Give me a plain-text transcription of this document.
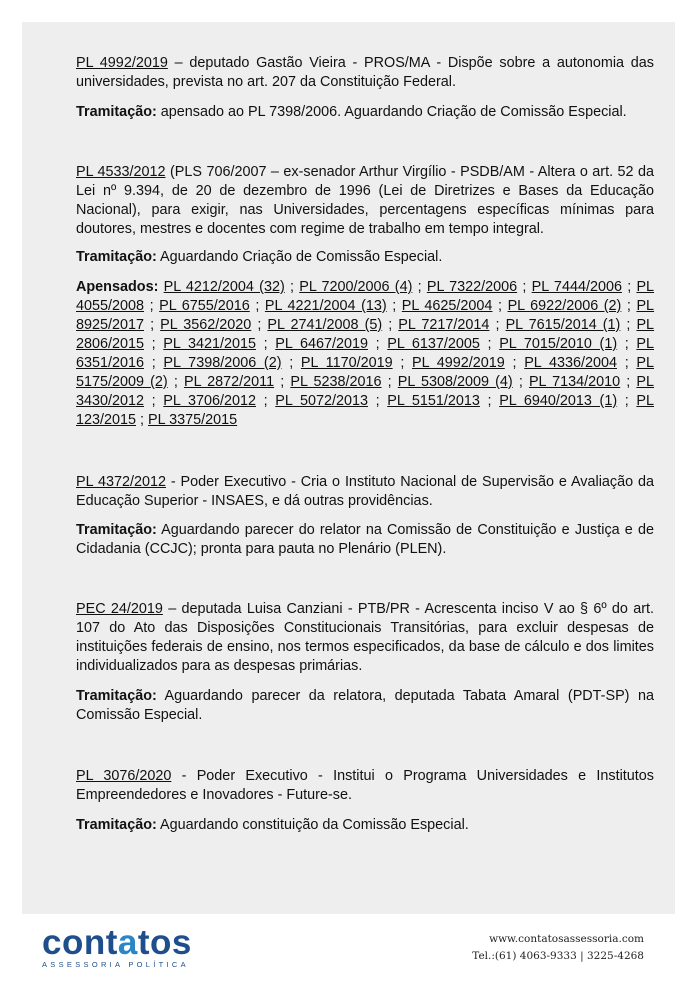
PL 4992/2019 – deputado Gastão Vieira - PROS/MA - Dispõe sobre a autonomia das universidades, prevista no art. 207 da Constituição Federal.
Tramitação: apensado ao PL 7398/2006. Aguardando Criação de Comissão Especial.
PL 4533/2012 (PLS 706/2007 – ex-senador Arthur Virgílio - PSDB/AM - Altera o art. 52 da Lei nº 9.394, de 20 de dezembro de 1996 (Lei de Diretrizes e Bases da Educação Nacional), para exigir, nas Universidades, percentagens específicas mínimas para doutores, mestres e docentes com regime de trabalho em tempo integral.
Tramitação: Aguardando Criação de Comissão Especial.
Apensados: PL 4212/2004 (32) ; PL 7200/2006 (4) ; PL 7322/2006 ; PL 7444/2006 ; PL 4055/2008 ; PL 6755/2016 ; PL 4221/2004 (13) ; PL 4625/2004 ; PL 6922/2006 (2) ; PL 8925/2017 ; PL 3562/2020 ; PL 2741/2008 (5) ; PL 7217/2014 ; PL 7615/2014 (1) ; PL 2806/2015 ; PL 3421/2015 ; PL 6467/2019 ; PL 6137/2005 ; PL 7015/2010 (1) ; PL 6351/2016 ; PL 7398/2006 (2) ; PL 1170/2019 ; PL 4992/2019 ; PL 4336/2004 ; PL 5175/2009 (2) ; PL 2872/2011 ; PL 5238/2016 ; PL 5308/2009 (4) ; PL 7134/2010 ; PL 3430/2012 ; PL 3706/2012 ; PL 5072/2013 ; PL 5151/2013 ; PL 6940/2013 (1) ; PL 123/2015 ; PL 3375/2015
PL 4372/2012 - Poder Executivo - Cria o Instituto Nacional de Supervisão e Avaliação da Educação Superior - INSAES, e dá outras providências.
Tramitação: Aguardando parecer do relator na Comissão de Constituição e Justiça e de Cidadania (CCJC); pronta para pauta no Plenário (PLEN).
PEC 24/2019 – deputada Luisa Canziani - PTB/PR - Acrescenta inciso V ao § 6º do art. 107 do Ato das Disposições Constitucionais Transitórias, para excluir despesas de instituições federais de ensino, nos termos especificados, da base de cálculo e dos limites individualizados para as despesas primárias.
Tramitação: Aguardando parecer da relatora, deputada Tabata Amaral (PDT-SP) na Comissão Especial.
PL 3076/2020 - Poder Executivo - Institui o Programa Universidades e Institutos Empreendedores e Inovadores - Future-se.
Tramitação: Aguardando constituição da Comissão Especial.
contatos
ASSESSORIA POLÍTICA
www.contatosassessoria.com
Tel.:(61) 4063-9333 | 3225-4268
